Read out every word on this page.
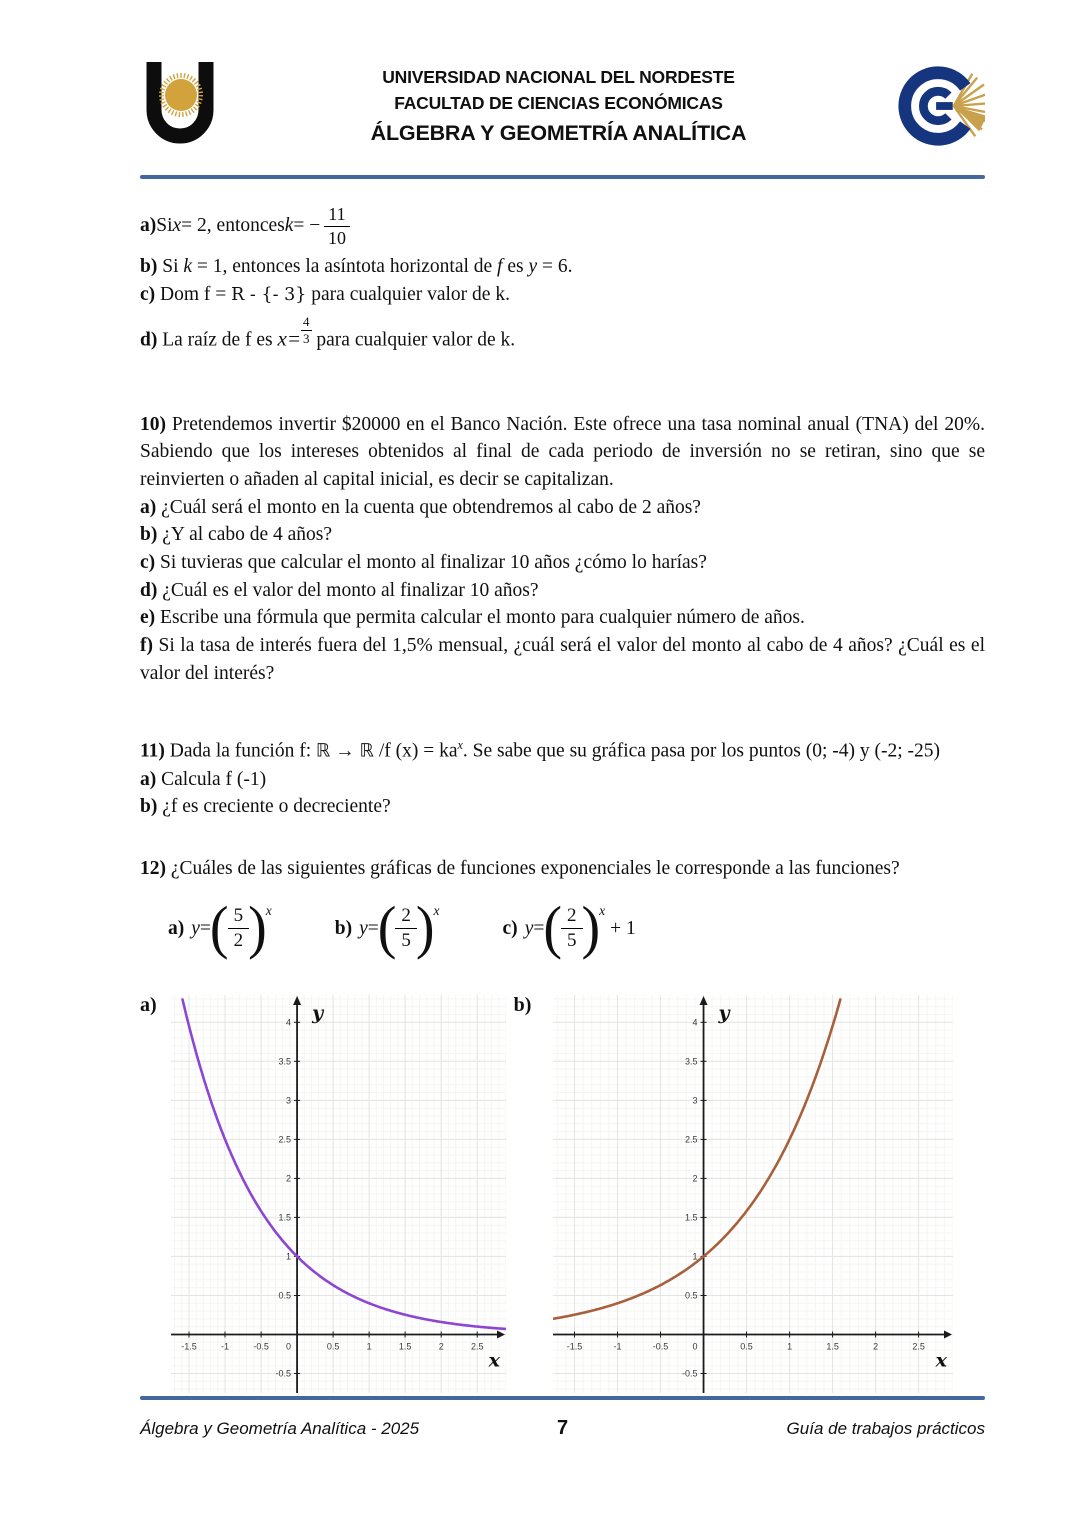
UNIVERSIDAD NACIONAL DEL NORDESTE
FACULTAD DE CIENCIAS ECONÓMICAS
ÁLGEBRA Y GEOMETRÍA ANALÍTICA
a) Si x = 2, entonces k = − $\frac{11}{10}$
b) Si k = 1, entonces la asíntota horizontal de f es y = 6.
c) Dom f = R - {- 3} para cualquier valor de k.
d) La raíz de f es $x= \frac{4}{3}$ para cualquier valor de k.

10) Pretendemos invertir $20000 en el Banco Nación. Este ofrece una tasa nominal anual (TNA) del 20%. Sabiendo que los intereses obtenidos al final de cada periodo de inversión no se retiran, sino que se reinvierten o añaden al capital inicial, es decir se capitalizan.

a) ¿Cuál será el monto en la cuenta que obtendremos al cabo de 2 años?
b) ¿Y al cabo de 4 años?
c) Si tuvieras que calcular el monto al finalizar 10 años ¿cómo lo harías?
d) ¿Cuál es el valor del monto al finalizar 10 años?
e) Escribe una fórmula que permita calcular el monto para cualquier número de años.
f) Si la tasa de interés fuera del 1,5% mensual, ¿cuál será el valor del monto al cabo de 4 años? ¿Cuál es el valor del interés?

11) Dada la función f: ℝ → ℝ /f $(x) = ka^x$. Se sabe que su gráfica pasa por los puntos (0; -4) y (-2; -25)

a) Calcula f (-1)
b) ¿f es creciente o decreciente?

12) ¿Cuáles de las siguientes gráficas de funciones exponenciales le corresponde a las funciones?

a) y = ( $\frac{5}{2}$ ) x
b) y = ( $\frac{2}{5}$ ) x
c) y = ( $\frac{2}{5}$ ) x
+ 1
a)
-1.5	-1	-0.5	0.5	1	1.5	2	2.5
-0.5
0.5
1
1.5
2
2.5
3
3.5
4
0
y
x
b)
-1.5	-1	-0.5	0.5	1	1.5	2	2.5
-0.5
0.5
1
1.5
2
2.5
3
3.5
4
0
y
x
Álgebra y Geometría Analítica - 2025	7	Guía de trabajos prácticos
